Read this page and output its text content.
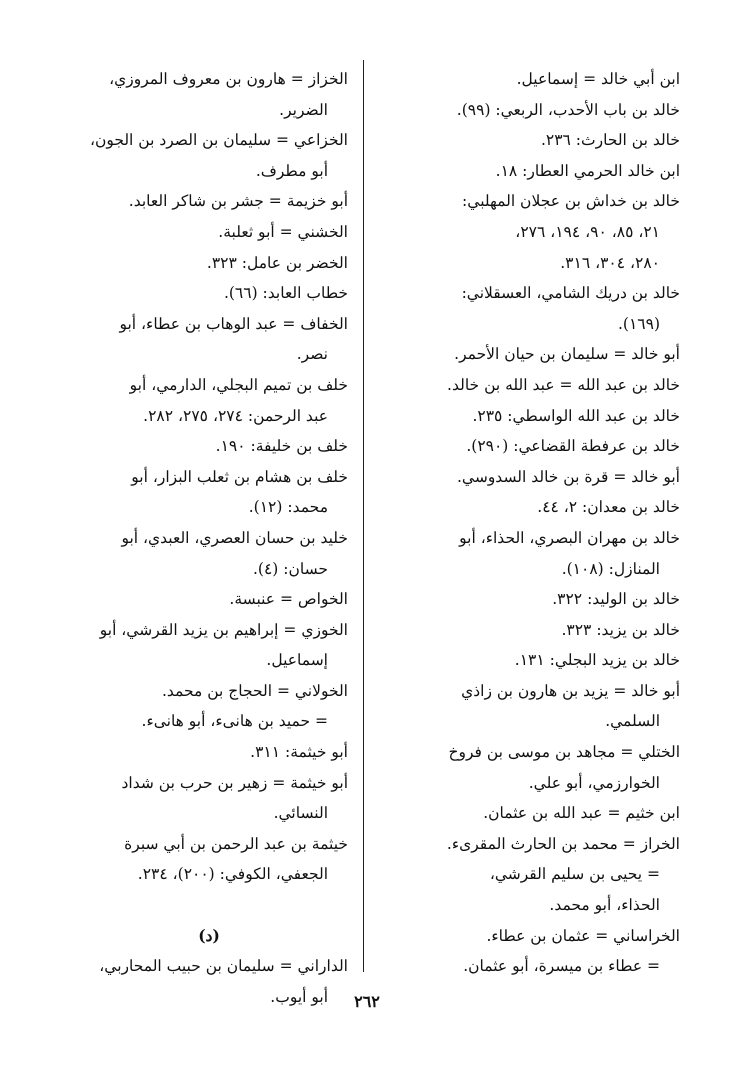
ابن أبي خالد = إسماعيل.
خالد بن باب الأحدب، الربعي: (٩٩).
خالد بن الحارث: ٢٣٦.
ابن خالد الحرمي العطار: ١٨.
خالد بن خداش بن عجلان المهلبي:
٢١، ٨٥، ٩٠، ١٩٤، ٢٧٦،
٢٨٠، ٣٠٤، ٣١٦.
خالد بن دريك الشامي، العسقلاني:
(١٦٩).
أبو خالد = سليمان بن حيان الأحمر.
خالد بن عبد الله = عبد الله بن خالد.
خالد بن عبد الله الواسطي: ٢٣٥.
خالد بن عرفطة القضاعي: (٢٩٠).
أبو خالد = قرة بن خالد السدوسي.
خالد بن معدان: ٢، ٤٤.
خالد بن مهران البصري، الحذاء، أبو
المنازل: (١٠٨).
خالد بن الوليد: ٣٢٢.
خالد بن يزيد: ٣٢٣.
خالد بن يزيد البجلي: ١٣١.
أبو خالد = يزيد بن هارون بن زاذي
السلمي.
الختلي = مجاهد بن موسى بن فروخ
الخوارزمي، أبو علي.
ابن خثيم = عبد الله بن عثمان.
الخراز = محمد بن الحارث المقرىء.
= يحيى بن سليم القرشي،
الحذاء، أبو محمد.
الخراساني = عثمان بن عطاء.
= عطاء بن ميسرة، أبو عثمان.
الخزاز = هارون بن معروف المروزي،
الضرير.
الخزاعي = سليمان بن الصرد بن الجون،
أبو مطرف.
أبو خزيمة = جشر بن شاكر العابد.
الخشني = أبو ثعلبة.
الخضر بن عامل: ٣٢٣.
خطاب العابد: (٦٦).
الخفاف = عبد الوهاب بن عطاء، أبو
نصر.
خلف بن تميم البجلي، الدارمي، أبو
عبد الرحمن: ٢٧٤، ٢٧٥، ٢٨٢.
خلف بن خليفة: ١٩٠.
خلف بن هشام بن ثعلب البزار، أبو
محمد: (١٢).
خليد بن حسان العصري، العبدي، أبو
حسان: (٤).
الخواص = عنبسة.
الخوزي = إبراهيم بن يزيد القرشي، أبو
إسماعيل.
الخولاني = الحجاج بن محمد.
= حميد بن هانىء، أبو هانىء.
أبو خيثمة: ٣١١.
أبو خيثمة = زهير بن حرب بن شداد
النسائي.
خيثمة بن عبد الرحمن بن أبي سبرة
الجعفي، الكوفي: (٢٠٠)، ٢٣٤.

(د)
الداراني = سليمان بن حبيب المحاربي،
أبو أيوب.	٢٦٢
